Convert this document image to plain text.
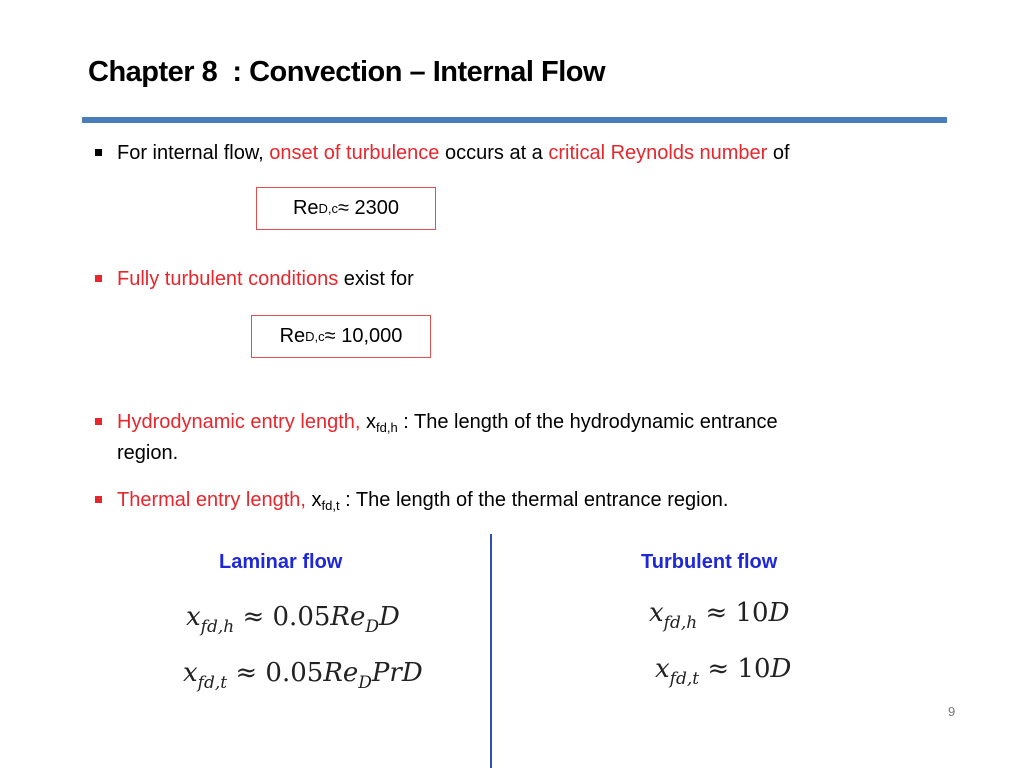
Chapter 8  : Convection – Internal Flow
For internal flow, onset of turbulence occurs at a critical Reynolds number of
Re D,c ≈ 2300
Fully turbulent conditions exist for
Re D,c ≈ 10,000
Hydrodynamic entry length, $x_{fd,h}$ : The length of the hydrodynamic entrance
region.
Thermal entry length, $x_{fd,t}$ : The length of the thermal entrance region.
Laminar flow
$x_{fd,h} \approx 0.05Re_DD$
$x_{fd,t} \approx 0.05Re_DPrD$
Turbulent flow
$x_{fd,h} \approx 10D$
$x_{fd,t} \approx 10D$
9
